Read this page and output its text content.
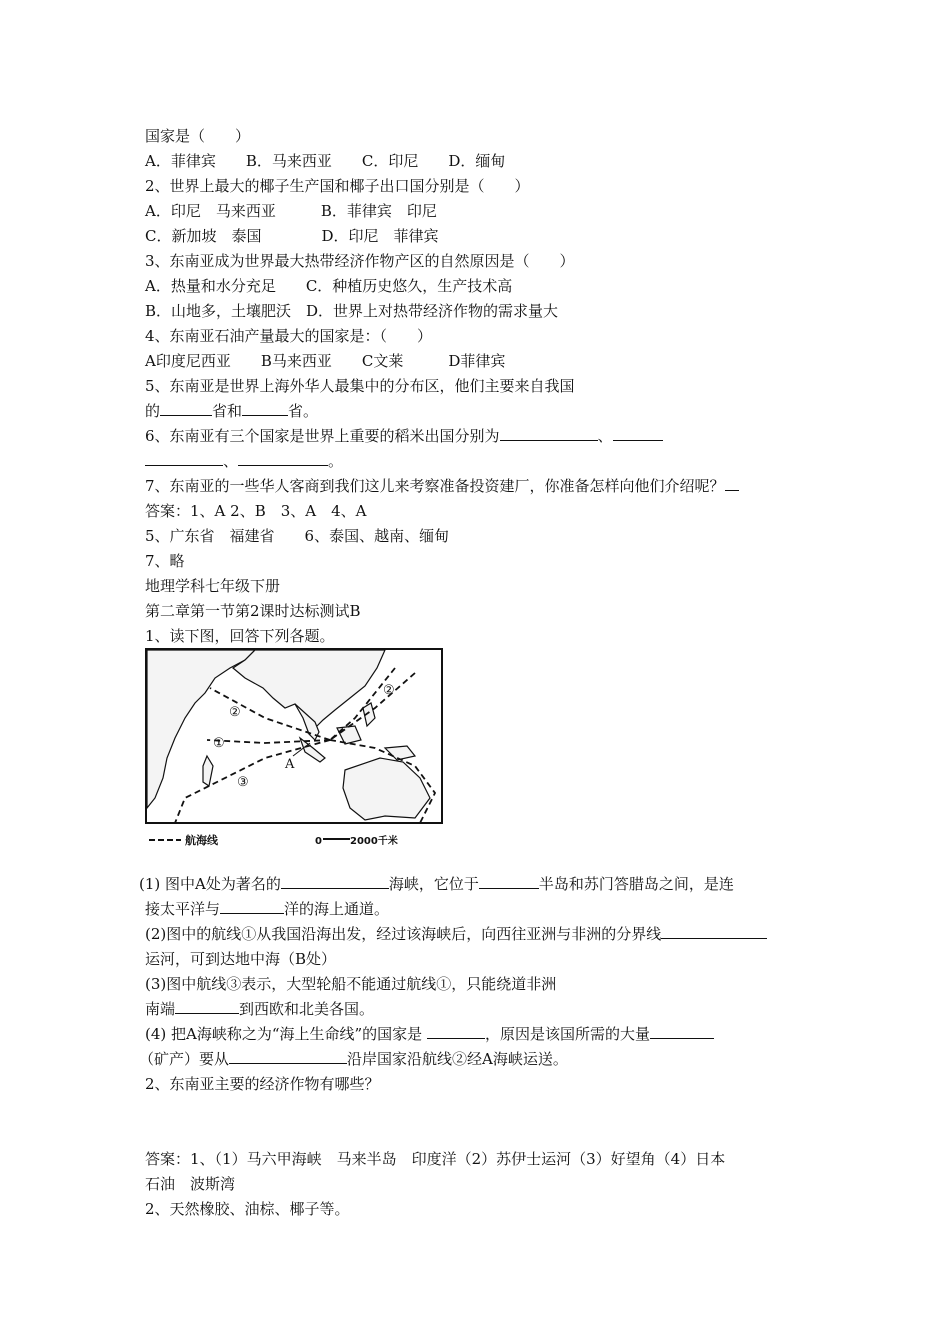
国家是（　　）
A．菲律宾　　B．马来西亚　　C．印尼　　D．缅甸
2、世界上最大的椰子生产国和椰子出口国分别是（　　）
A．印尼　马来西亚　　　B．菲律宾　印尼
C．新加坡　泰国　　　　D．印尼　菲律宾
3、东南亚成为世界最大热带经济作物产区的自然原因是（　　）
A．热量和水分充足　　C．种植历史悠久，生产技术高
B．山地多，土壤肥沃　D．世界上对热带经济作物的需求量大
4、东南亚石油产量最大的国家是：（　　）
A印度尼西亚　　B马来西亚　　C文莱　　　D菲律宾
5、东南亚是世界上海外华人最集中的分布区，他们主要来自我国
的	省和	省。
6、东南亚有三个国家是世界上重要的稻米出国分别为	、
、	。
7、东南亚的一些华人客商到我们这儿来考察准备投资建厂，你准备怎样向他们介绍呢？
答案：1、A 2、B　3、A　4、A
5、广东省　福建省　　6、泰国、越南、缅甸
7、略
地理学科七年级下册
第二章第一节第2课时达标测试B
1、读下图，回答下列各题。
②
②
①
A
③
航海线	0	2000千米
(1) 图中A处为著名的	海峡，它位于	半岛和苏门答腊岛之间，是连
接太平洋与	洋的海上通道。
(2)图中的航线①从我国沿海出发，经过该海峡后，向西往亚洲与非洲的分界线
运河，可到达地中海（B处）
(3)图中航线③表示，大型轮船不能通过航线①，只能绕道非洲
南端	到西欧和北美各国。
(4) 把A海峡称之为“海上生命线”的国家是	，原因是该国所需的大量
（矿产）要从	沿岸国家沿航线②经A海峡运送。
2、东南亚主要的经济作物有哪些？
答案：1、（1）马六甲海峡　马来半岛　印度洋（2）苏伊士运河（3）好望角（4）日本
石油　波斯湾
2、天然橡胶、油棕、椰子等。
